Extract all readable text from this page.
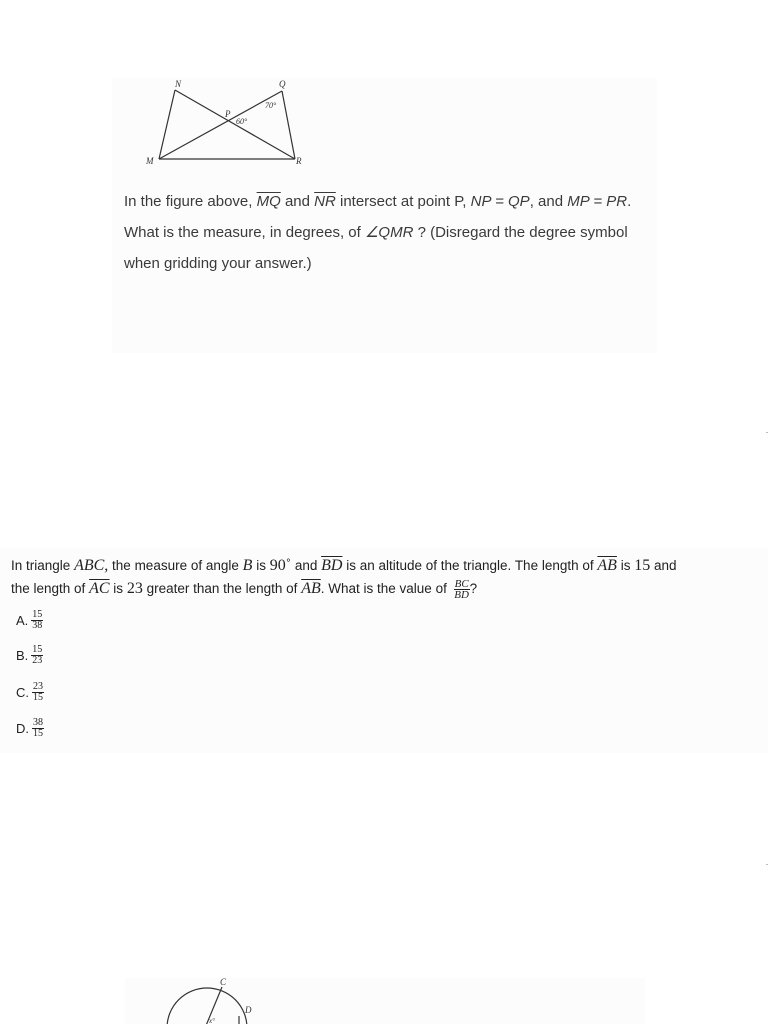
N	Q
P
M	R
70°
60°
In the figure above, $\overline{MQ}$ and $\overline{NR}$ intersect at point P, NP = QP, and MP = PR. What is the measure, in degrees, of ∠QMR ? (Disregard the degree symbol when gridding your answer.)
In triangle ABC, the measure of angle B is 90˚ and $\overline{BD}$ is an altitude of the triangle. The length of $\overline{AB}$ is 15 and
the length of $\overline{AC}$ is 23 greater than the length of $\overline{AB}$. What is the value of $\frac{BC}{BD}$ ?
A. $\frac{15}{38}$
B. $\frac{15}{23}$
C. $\frac{23}{15}$
D. $\frac{38}{15}$
C
D
x°
